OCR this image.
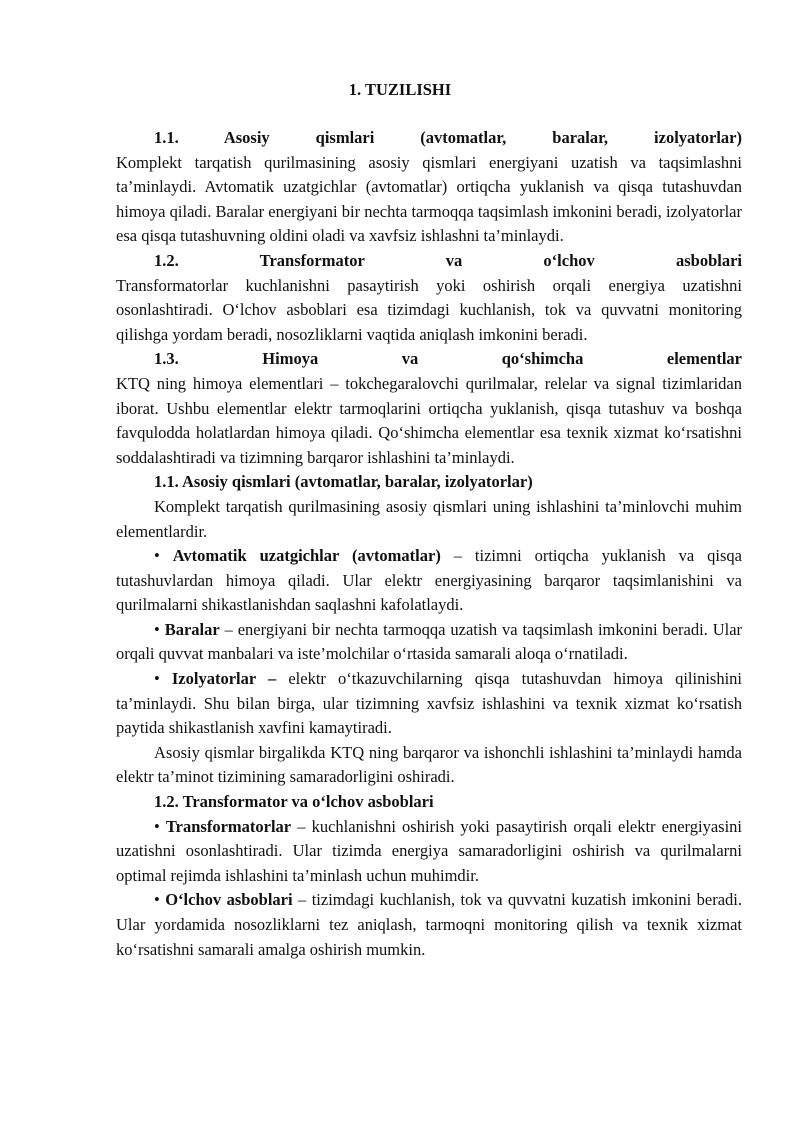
1. TUZILISHI

1.1. Asosiy qismlari (avtomatlar, baralar, izolyatorlar)

Komplekt tarqatish qurilmasining asosiy qismlari energiyani uzatish va taqsimlashni ta’minlaydi. Avtomatik uzatgichlar (avtomatlar) ortiqcha yuklanish va qisqa tutashuvdan himoya qiladi. Baralar energiyani bir nechta tarmoqqa taqsimlash imkonini beradi, izolyatorlar esa qisqa tutashuvning oldini oladi va xavfsiz ishlashni ta’minlaydi.

1.2. Transformator va o‘lchov asboblari

Transformatorlar kuchlanishni pasaytirish yoki oshirish orqali energiya uzatishni osonlashtiradi. O‘lchov asboblari esa tizimdagi kuchlanish, tok va quvvatni monitoring qilishga yordam beradi, nosozliklarni vaqtida aniqlash imkonini beradi.

1.3. Himoya va qo‘shimcha elementlar

KTQ ning himoya elementlari – tokchegaralovchi qurilmalar, relelar va signal tizimlaridan iborat. Ushbu elementlar elektr tarmoqlarini ortiqcha yuklanish, qisqa tutashuv va boshqa favqulodda holatlardan himoya qiladi. Qo‘shimcha elementlar esa texnik xizmat ko‘rsatishni soddalashtiradi va tizimning barqaror ishlashini ta’minlaydi.

1.1. Asosiy qismlari (avtomatlar, baralar, izolyatorlar)

Komplekt tarqatish qurilmasining asosiy qismlari uning ishlashini ta’minlovchi muhim elementlardir.

• Avtomatik uzatgichlar (avtomatlar) – tizimni ortiqcha yuklanish va qisqa tutashuvlardan himoya qiladi. Ular elektr energiyasining barqaror taqsimlanishini va qurilmalarni shikastlanishdan saqlashni kafolatlaydi.

• Baralar – energiyani bir nechta tarmoqqa uzatish va taqsimlash imkonini beradi. Ular orqali quvvat manbalari va iste’molchilar o‘rtasida samarali aloqa o‘rnatiladi.

• Izolyatorlar – elektr o‘tkazuvchilarning qisqa tutashuvdan himoya qilinishini ta’minlaydi. Shu bilan birga, ular tizimning xavfsiz ishlashini va texnik xizmat ko‘rsatish paytida shikastlanish xavfini kamaytiradi.

Asosiy qismlar birgalikda KTQ ning barqaror va ishonchli ishlashini ta’minlaydi hamda elektr ta’minot tizimining samaradorligini oshiradi.

1.2. Transformator va o‘lchov asboblari

• Transformatorlar – kuchlanishni oshirish yoki pasaytirish orqali elektr energiyasini uzatishni osonlashtiradi. Ular tizimda energiya samaradorligini oshirish va qurilmalarni optimal rejimda ishlashini ta’minlash uchun muhimdir.

• O‘lchov asboblari – tizimdagi kuchlanish, tok va quvvatni kuzatish imkonini beradi. Ular yordamida nosozliklarni tez aniqlash, tarmoqni monitoring qilish va texnik xizmat ko‘rsatishni samarali amalga oshirish mumkin.
